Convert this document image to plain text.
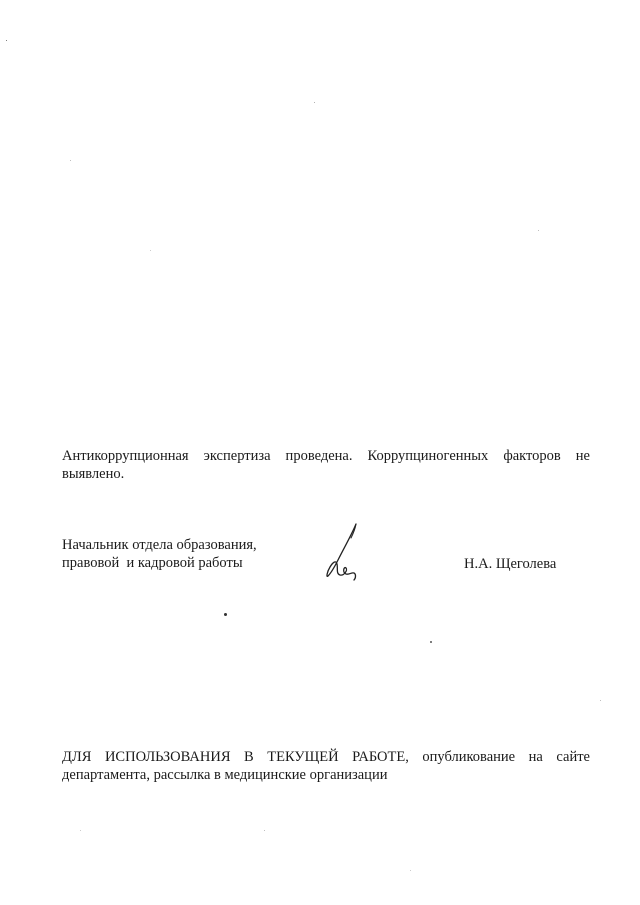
Антикоррупционная экспертиза проведена. Коррупциногенных факторов не
выявлено.
Начальник отдела образования,
правовой  и кадровой работы	Н.А. Щеголева
ДЛЯ ИСПОЛЬЗОВАНИЯ В ТЕКУЩЕЙ РАБОТЕ, опубликование на сайте
департамента, рассылка в медицинские организации
